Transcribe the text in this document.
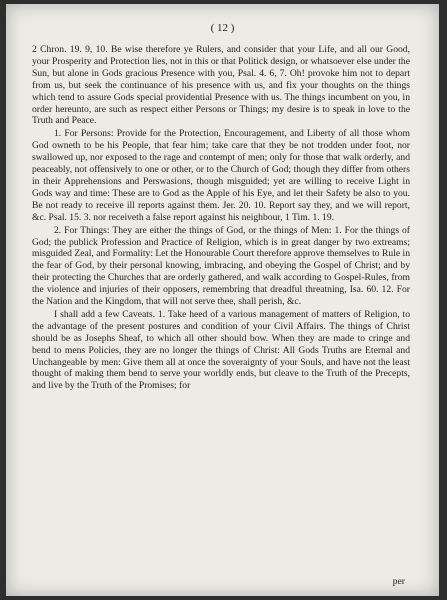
( 12 )

2 Chron. 19. 9, 10. Be wise therefore ye Rulers, and consider that your Life, and all our Good, your Prosperity and Protection lies, not in this or that Politick design, or whatsoever else under the Sun, but alone in Gods gracious Presence with you, Psal. 4. 6, 7. Oh! provoke him not to depart from us, but seek the continuance of his presence with us, and fix your thoughts on the things which tend to assure Gods special providential Presence with us. The things incumbent on you, in order hereunto, are such as respect either Persons or Things; my desire is to speak in love to the Truth and Peace.

1. For Persons: Provide for the Protection, Encouragement, and Liberty of all those whom God owneth to be his People, that fear him; take care that they be not trodden under foot, nor swallowed up, nor exposed to the rage and contempt of men; only for those that walk orderly, and peaceably, not offensively to one or other, or to the Church of God; though they differ from others in their Apprehensions and Perswasions, though misguided; yet are willing to receive Light in Gods way and time: These are to God as the Apple of his Eye, and let their Safety be also to you. Be not ready to receive ill reports against them. Jer. 20. 10. Report say they, and we will report, &c. Psal. 15. 3. nor receiveth a false report against his neighbour, 1 Tim. 1. 19.

2. For Things: They are either the things of God, or the things of Men: 1. For the things of God; the publick Profession and Practice of Religion, which is in great danger by two extreams; misguided Zeal, and Formality: Let the Honourable Court therefore approve themselves to Rule in the fear of God, by their personal knowing, imbracing, and obeying the Gospel of Christ; and by their protecting the Churches that are orderly gathered, and walk according to Gospel-Rules, from the violence and injuries of their opposers, remembring that dreadful threatning, Isa. 60. 12. For the Nation and the Kingdom, that will not serve thee, shall perish, &c.

I shall add a few Caveats. 1. Take heed of a various management of matters of Religion, to the advantage of the present postures and condition of your Civil Affairs. The things of Christ should be as Josephs Sheaf, to which all other should bow. When they are made to cringe and bend to mens Policies, they are no longer the things of Christ: All Gods Truths are Eternal and Unchangeable by men: Give them all at once the soveraignty of your Souls, and have not the least thought of making them bend to serve your worldly ends, but cleave to the Truth of the Precepts, and live by the Truth of the Promises; for

per
